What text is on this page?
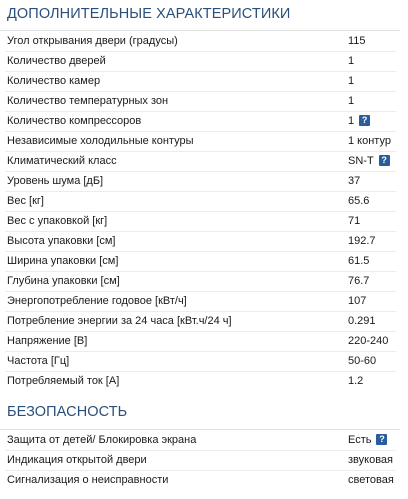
ДОПОЛНИТЕЛЬНЫЕ ХАРАКТЕРИСТИКИ
Угол открывания двери (градусы)	115
Количество дверей	1
Количество камер	1
Количество температурных зон	1
Количество компрессоров	1 ?
Независимые холодильные контуры	1 контур
Климатический класс	SN-T ?
Уровень шума [дБ]	37
Вес [кг]	65.6
Вес с упаковкой [кг]	71
Высота упаковки [см]	192.7
Ширина упаковки [см]	61.5
Глубина упаковки [см]	76.7
Энергопотребление годовое [кВт/ч]	107
Потребление энергии за 24 часа [кВт.ч/24 ч]	0.291
Напряжение [В]	220-240
Частота [Гц]	50-60
Потребляемый ток [А]	1.2
БЕЗОПАСНОСТЬ
Защита от детей/ Блокировка экрана	Есть ?
Индикация открытой двери	звуковая
Сигнализация о неисправности	световая
